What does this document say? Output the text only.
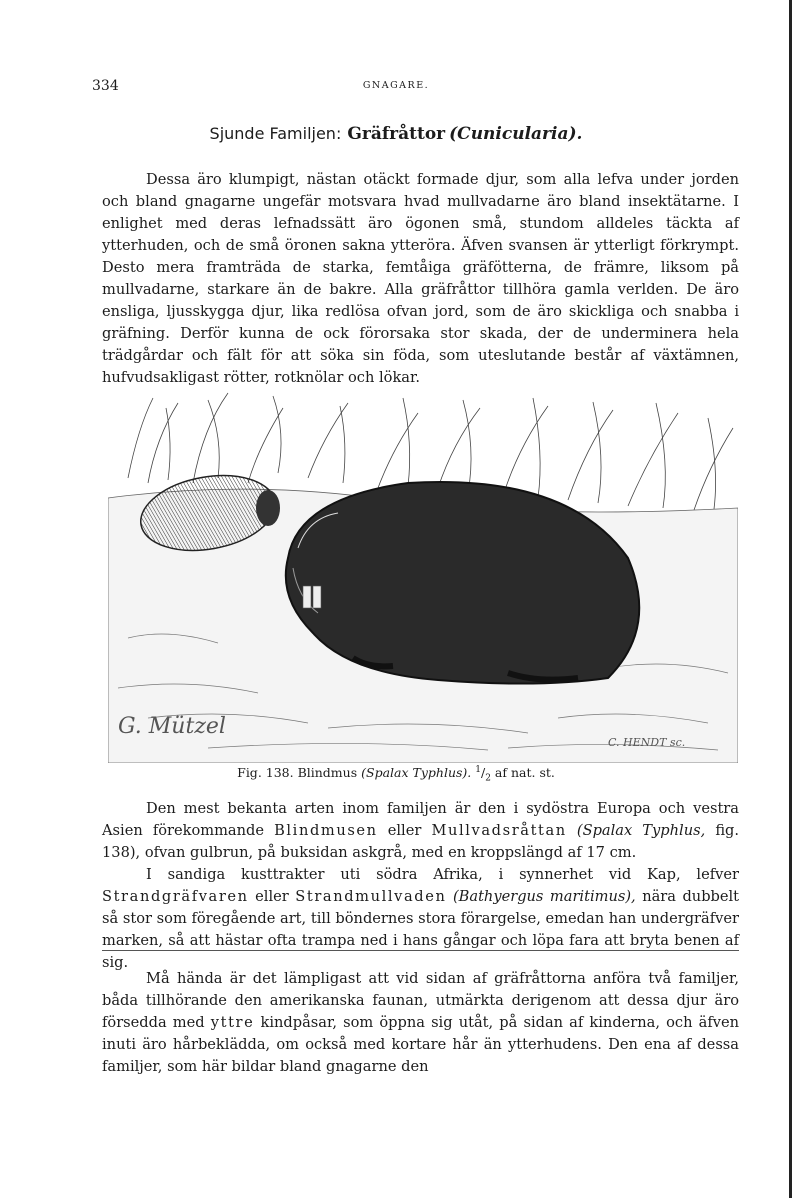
334	GNAGARE.
Sjunde Familjen: Gräfråttor (Cunicularia).

Dessa äro klumpigt, nästan otäckt formade djur, som alla lefva under jorden och bland gnagarne ungefär motsvara hvad mullvadarne äro bland insektätarne. I enlighet med deras lefnadssätt äro ögonen små, stundom alldeles täckta af ytterhuden, och de små öronen sakna ytteröra. Äfven svansen är ytterligt förkrympt. Desto mera framträda de starka, femtåiga gräfötterna, de främre, liksom på mullvadarne, starkare än de bakre. Alla gräfråttor tillhöra gamla verlden. De äro ensliga, ljusskygga djur, lika redlösa ofvan jord, som de äro skickliga och snabba i gräfning. Derför kunna de ock förorsaka stor skada, der de underminera hela trädgårdar och fält för att söka sin föda, som uteslutande består af växtämnen, hufvudsakligast rötter, rotknölar och lökar.

G. Mützel
C. HENDT sc.
Fig. 138. Blindmus (Spalax Typhlus). $^1/_2$ af nat. st.

Den mest bekanta arten inom familjen är den i sydöstra Europa och vestra Asien förekommande Blindmusen eller Mullvadsråttan (Spalax Typhlus, fig. 138), ofvan gulbrun, på buksidan askgrå, med en kroppslängd af 17 cm.

I sandiga kusttrakter uti södra Afrika, i synnerhet vid Kap, lefver Strandgräfvaren eller Strandmullvaden (Bathyergus maritimus), nära dubbelt så stor som föregående art, till böndernes stora förargelse, emedan han undergräfver marken, så att hästar ofta trampa ned i hans gångar och löpa fara att bryta benen af sig.

Må hända är det lämpligast att vid sidan af gräfråttorna anföra två familjer, båda tillhörande den amerikanska faunan, utmärkta derigenom att dessa djur äro försedda med yttre kindpåsar, som öppna sig utåt, på sidan af kinderna, och äfven inuti äro hårbeklädda, om också med kortare hår än ytterhudens. Den ena af dessa familjer, som här bildar bland gnagarne den
